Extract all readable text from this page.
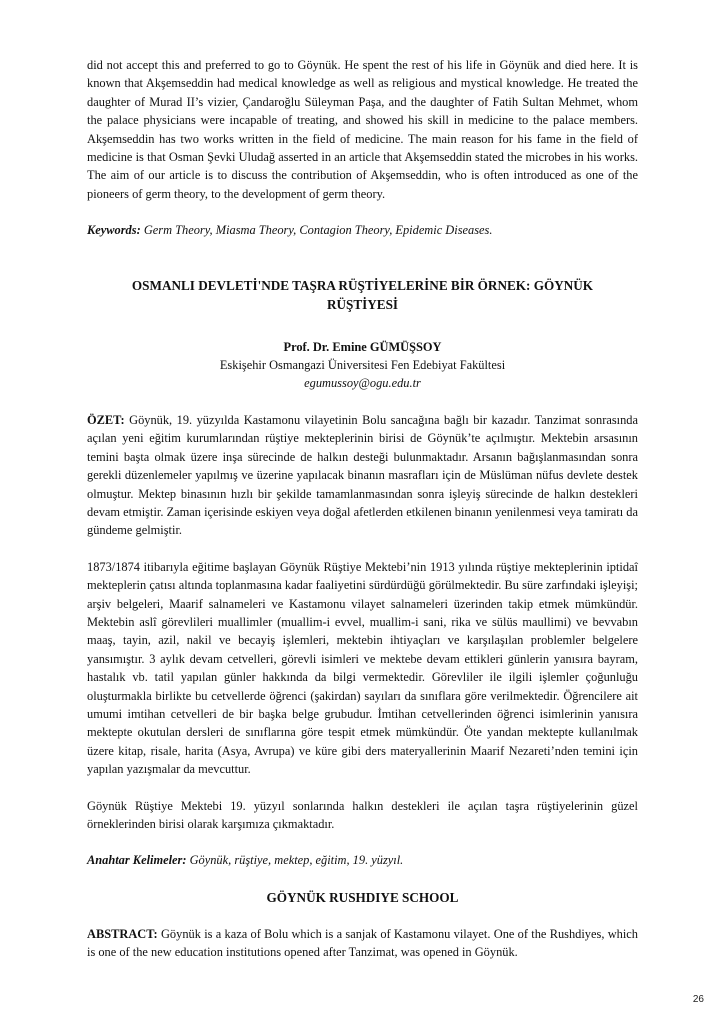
did not accept this and preferred to go to Göynük. He spent the rest of his life in Göynük and died here. It is known that Akşemseddin had medical knowledge as well as religious and mystical knowledge. He treated the daughter of Murad II’s vizier, Çandaroğlu Süleyman Paşa, and the daughter of Fatih Sultan Mehmet, whom the palace physicians were incapable of treating, and showed his skill in medicine to the palace members. Akşemseddin has two works written in the field of medicine. The main reason for his fame in the field of medicine is that Osman Şevki Uludağ asserted in an article that Akşemseddin stated the microbes in his works. The aim of our article is to discuss the contribution of Akşemseddin, who is often introduced as one of the pioneers of germ theory, to the development of germ theory.

Keywords: Germ Theory, Miasma Theory, Contagion Theory, Epidemic Diseases.

OSMANLI DEVLETİ'NDE TAŞRA RÜŞTİYELERİNE BİR ÖRNEK: GÖYNÜK RÜŞTİYESİ

Prof. Dr. Emine GÜMÜŞSOY

Eskişehir Osmangazi Üniversitesi Fen Edebiyat Fakültesi

egumussoy@ogu.edu.tr

ÖZET: Göynük, 19. yüzyılda Kastamonu vilayetinin Bolu sancağına bağlı bir kazadır. Tanzimat sonrasında açılan yeni eğitim kurumlarından rüştiye mekteplerinin birisi de Göynük’te açılmıştır. Mektebin arsasının temini başta olmak üzere inşa sürecinde de halkın desteği bulunmaktadır. Arsanın bağışlanmasından sonra gerekli düzenlemeler yapılmış ve üzerine yapılacak binanın masrafları için de Müslüman nüfus devlete destek olmuştur. Mektep binasının hızlı bir şekilde tamamlanmasından sonra işleyiş sürecinde de halkın destekleri devam etmiştir. Zaman içerisinde eskiyen veya doğal afetlerden etkilenen binanın yenilenmesi veya tamiratı da gündeme gelmiştir.

1873/1874 itibarıyla eğitime başlayan Göynük Rüştiye Mektebi’nin 1913 yılında rüştiye mekteplerinin iptidaî mekteplerin çatısı altında toplanmasına kadar faaliyetini sürdürdüğü görülmektedir. Bu süre zarfındaki işleyişi; arşiv belgeleri, Maarif salnameleri ve Kastamonu vilayet salnameleri üzerinden takip etmek mümkündür. Mektebin aslî görevlileri muallimler (muallim-i evvel, muallim-i sani, rika ve sülüs maullimi) ve bevvabın maaş, tayin, azil, nakil ve becayiş işlemleri, mektebin ihtiyaçları ve karşılaşılan problemler belgelere yansımıştır. 3 aylık devam cetvelleri, görevli isimleri ve mektebe devam ettikleri günlerin yanısıra bayram, hastalık vb. tatil yapılan günler hakkında da bilgi vermektedir. Görevliler ile ilgili işlemler çoğunluğu oluşturmakla birlikte bu cetvellerde öğrenci (şakirdan) sayıları da sınıflara göre verilmektedir. Öğrencilere ait umumi imtihan cetvelleri de bir başka belge grubudur. İmtihan cetvellerinden öğrenci isimlerinin yanısıra mektepte okutulan dersleri de sınıflarına göre tespit etmek mümkündür. Öte yandan mektepte kullanılmak üzere kitap, risale, harita (Asya, Avrupa) ve küre gibi ders materyallerinin Maarif Nezareti’nden temini için yapılan yazışmalar da mevcuttur.

Göynük Rüştiye Mektebi 19. yüzyıl sonlarında halkın destekleri ile açılan taşra rüştiyelerinin güzel örneklerinden birisi olarak karşımıza çıkmaktadır.

Anahtar Kelimeler: Göynük, rüştiye, mektep, eğitim, 19. yüzyıl.

GÖYNÜK RUSHDIYE SCHOOL

ABSTRACT: Göynük is a kaza of Bolu which is a sanjak of Kastamonu vilayet. One of the Rushdiyes, which is one of the new education institutions opened after Tanzimat, was opened in Göynük.

26
